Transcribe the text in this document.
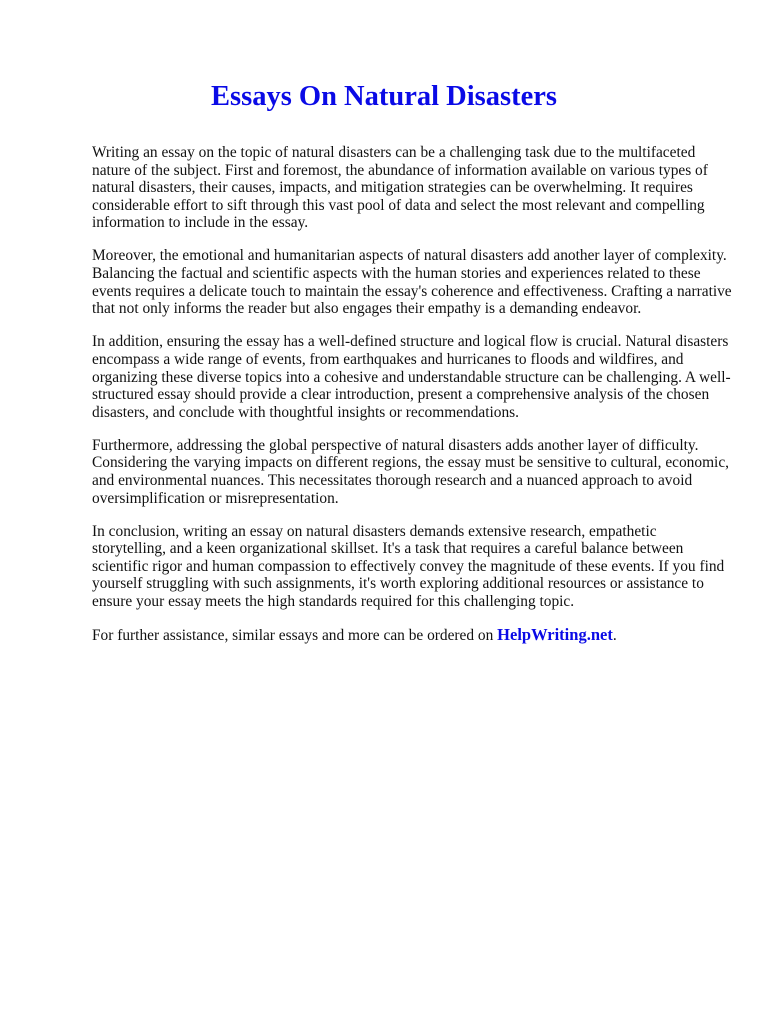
Essays On Natural Disasters

Writing an essay on the topic of natural disasters can be a challenging task due to the multifaceted nature of the subject. First and foremost, the abundance of information available on various types of natural disasters, their causes, impacts, and mitigation strategies can be overwhelming. It requires considerable effort to sift through this vast pool of data and select the most relevant and compelling information to include in the essay.

Moreover, the emotional and humanitarian aspects of natural disasters add another layer of complexity. Balancing the factual and scientific aspects with the human stories and experiences related to these events requires a delicate touch to maintain the essay's coherence and effectiveness. Crafting a narrative that not only informs the reader but also engages their empathy is a demanding endeavor.

In addition, ensuring the essay has a well-defined structure and logical flow is crucial. Natural disasters encompass a wide range of events, from earthquakes and hurricanes to floods and wildfires, and organizing these diverse topics into a cohesive and understandable structure can be challenging. A well-structured essay should provide a clear introduction, present a comprehensive analysis of the chosen disasters, and conclude with thoughtful insights or recommendations.

Furthermore, addressing the global perspective of natural disasters adds another layer of difficulty. Considering the varying impacts on different regions, the essay must be sensitive to cultural, economic, and environmental nuances. This necessitates thorough research and a nuanced approach to avoid oversimplification or misrepresentation.

In conclusion, writing an essay on natural disasters demands extensive research, empathetic storytelling, and a keen organizational skillset. It's a task that requires a careful balance between scientific rigor and human compassion to effectively convey the magnitude of these events. If you find yourself struggling with such assignments, it's worth exploring additional resources or assistance to ensure your essay meets the high standards required for this challenging topic.

For further assistance, similar essays and more can be ordered on HelpWriting.net.
